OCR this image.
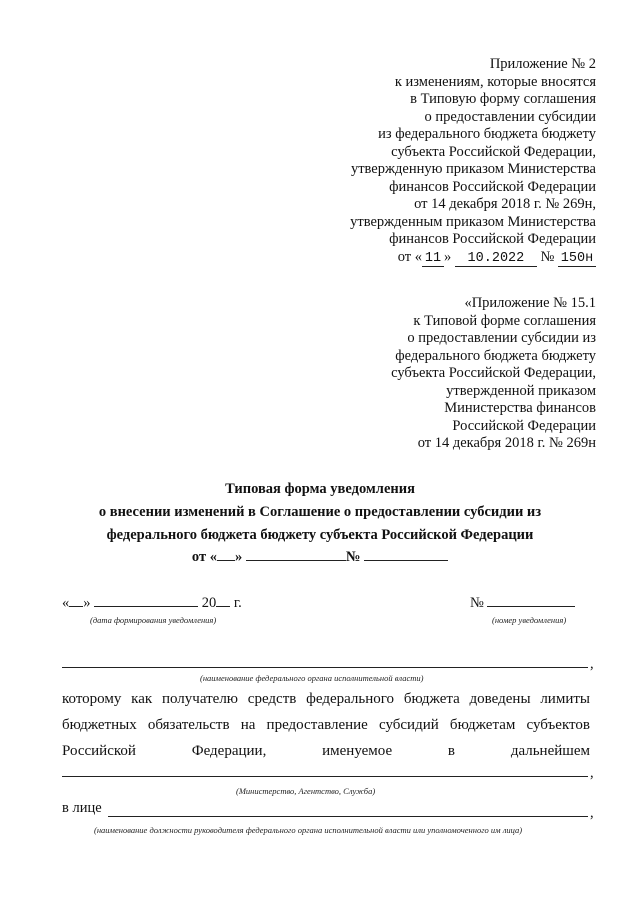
Приложение № 2
к изменениям, которые вносятся
в Типовую форму соглашения
о предоставлении субсидии
из федерального бюджета бюджету
субъекта Российской Федерации,
утвержденную приказом Министерства
финансов Российской Федерации
от 14 декабря 2018 г. № 269н,
утвержденным приказом Министерства
финансов Российской Федерации
от « 11 » 10.2022 № 150н
«Приложение № 15.1
к Типовой форме соглашения
о предоставлении субсидии из
федерального бюджета бюджету
субъекта Российской Федерации,
утвержденной приказом
Министерства финансов
Российской Федерации
от 14 декабря 2018 г. № 269н
Типовая форма уведомления
о внесении изменений в Соглашение о предоставлении субсидии из
федерального бюджета бюджету субъекта Российской Федерации
от « »	№
« »	20 г.	№
(дата формирования уведомления)	(номер уведомления)
,
(наименование федерального органа исполнительной власти)
которому как получателю средств федерального бюджета доведены лимиты
бюджетных обязательств на предоставление субсидий бюджетам субъектов
Российской	Федерации,	именуемое	в	дальнейшем
,
(Министерство, Агентство, Служба)
в лице	,
(наименование должности руководителя федерального органа исполнительной власти или уполномоченного им лица)
